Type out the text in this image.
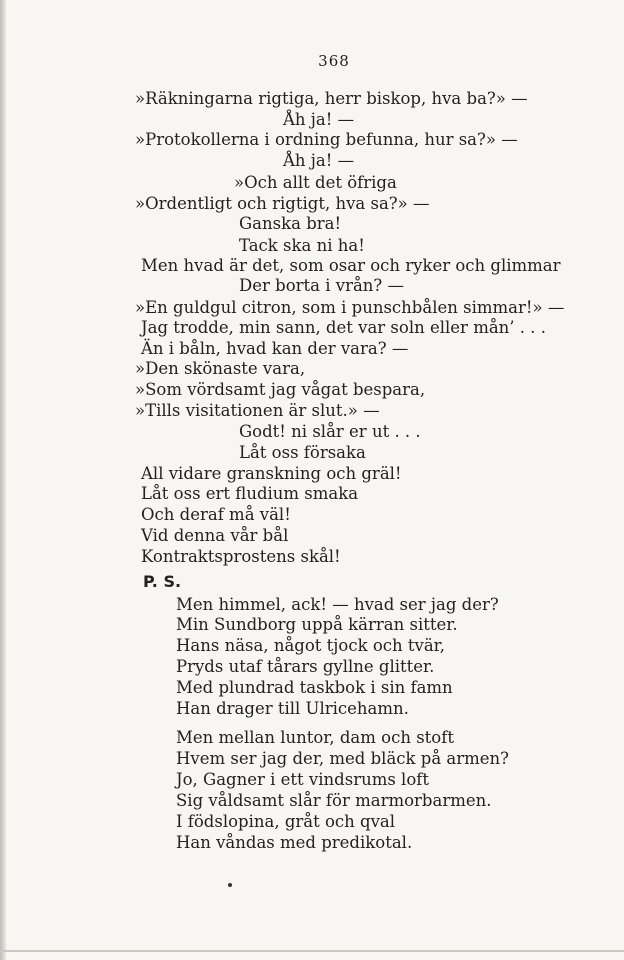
368
»Räkningarna rigtiga, herr biskop, hva ba?» —
Åh ja! —
»Protokollerna i ordning befunna, hur sa?» —
Åh ja! —
»Och allt det öfriga
»Ordentligt och rigtigt, hva sa?» —
Ganska bra!
Tack ska ni ha!
Men hvad är det, som osar och ryker och glimmar
Der borta i vrån? —
»En guldgul citron, som i punschbålen simmar!» —
Jag trodde, min sann, det var soln eller mån’ . . .
Än i båln, hvad kan der vara? —
»Den skönaste vara,
»Som vördsamt jag vågat bespara,
»Tills visitationen är slut.» —
Godt! ni slår er ut . . .
Låt oss försaka
All vidare granskning och gräl!
Låt oss ert fludium smaka
Och deraf må väl!
Vid denna vår bål
Kontraktsprostens skål!
P. S.
Men himmel, ack! — hvad ser jag der?
Min Sundborg uppå kärran sitter.
Hans näsa, något tjock och tvär,
Pryds utaf tårars gyllne glitter.
Med plundrad taskbok i sin famn
Han drager till Ulricehamn.
Men mellan luntor, dam och stoft
Hvem ser jag der, med bläck på armen?
Jo, Gagner i ett vindsrums loft
Sig våldsamt slår för marmorbarmen.
I födslopina, gråt och qval
Han våndas med predikotal.
